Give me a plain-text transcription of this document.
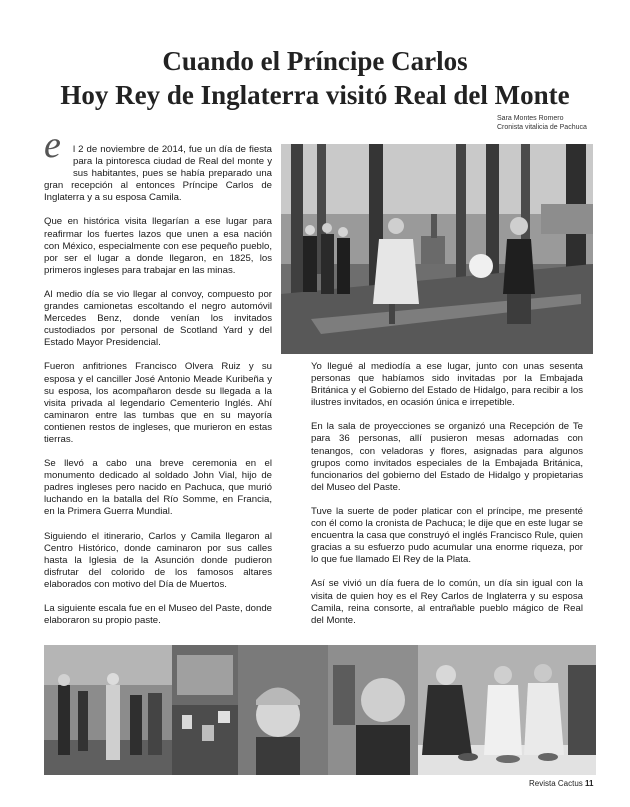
Cuando el Príncipe Carlos
Hoy Rey de Inglaterra visitó Real del Monte
Sara Montes Romero
Cronista vitalicia de Pachuca

e l 2 de noviembre de 2014, fue un día de fiesta para la pintoresca ciudad de Real del monte y sus habitantes, pues se había preparado una gran recepción al entonces Príncipe Carlos de Inglaterra y a su esposa Camila.

Que en histórica visita llegarían a ese lugar para reafirmar los fuertes lazos que unen a esa nación con México, especialmente con ese pequeño pueblo, por ser el lugar a donde llegaron, en 1825, los primeros ingleses para trabajar en las minas.

Al medio día se vio llegar al convoy, compuesto por grandes camionetas escoltando el negro automóvil Mercedes Benz, donde venían los invitados custodiados por personal de Scotland Yard y del Estado Mayor Presidencial.

Fueron anfitriones Francisco Olvera Ruiz y su esposa y el canciller José Antonio Meade Kuribeña y su esposa, los acompañaron desde su llegada a la visita privada al legendario Cementerio Inglés. Ahí caminaron entre las tumbas que en su mayoría contienen restos de ingleses, que murieron en estas tierras.

Se llevó a cabo una breve ceremonia en el monumento dedicado al soldado John Vial, hijo de padres ingleses pero nacido en Pachuca, que murió luchando en la batalla del Río Somme, en Francia, en la Primera Guerra Mundial.

Siguiendo el itinerario, Carlos y Camila llegaron al Centro Histórico, donde caminaron por sus calles hasta la Iglesia de la Asunción donde pudieron disfrutar del colorido de los famosos altares elaborados con motivo del Día de Muertos.

La siguiente escala fue en el Museo del Paste, donde elaboraron su propio paste.

Yo llegué al mediodía a ese lugar, junto con unas sesenta personas que habíamos sido invitadas por la Embajada Británica y el Gobierno del Estado de Hidalgo, para recibir a los ilustres invitados, en ocasión única e irrepetible.

En la sala de proyecciones se organizó una Recepción de Te para 36 personas, allí pusieron mesas adornadas con tenangos, con veladoras y flores, asignadas para algunos grupos como invitados especiales de la Embajada Británica, funcionarios del gobierno del Estado de Hidalgo y propietarias del Museo del Paste.

Tuve la suerte de poder platicar con el príncipe, me presenté con él como la cronista de Pachuca; le dije que en este lugar se encuentra la casa que construyó el inglés Francisco Rule, quien gracias a su esfuerzo pudo acumular una enorme riqueza, por lo que fue llamado El Rey de la Plata.

Así se vivió un día fuera de lo común, un día sin igual con la visita de quien hoy es el Rey Carlos de Inglaterra y su esposa Camila, reina consorte, al entrañable pueblo mágico de Real del Monte.

Revista Cactus 11
